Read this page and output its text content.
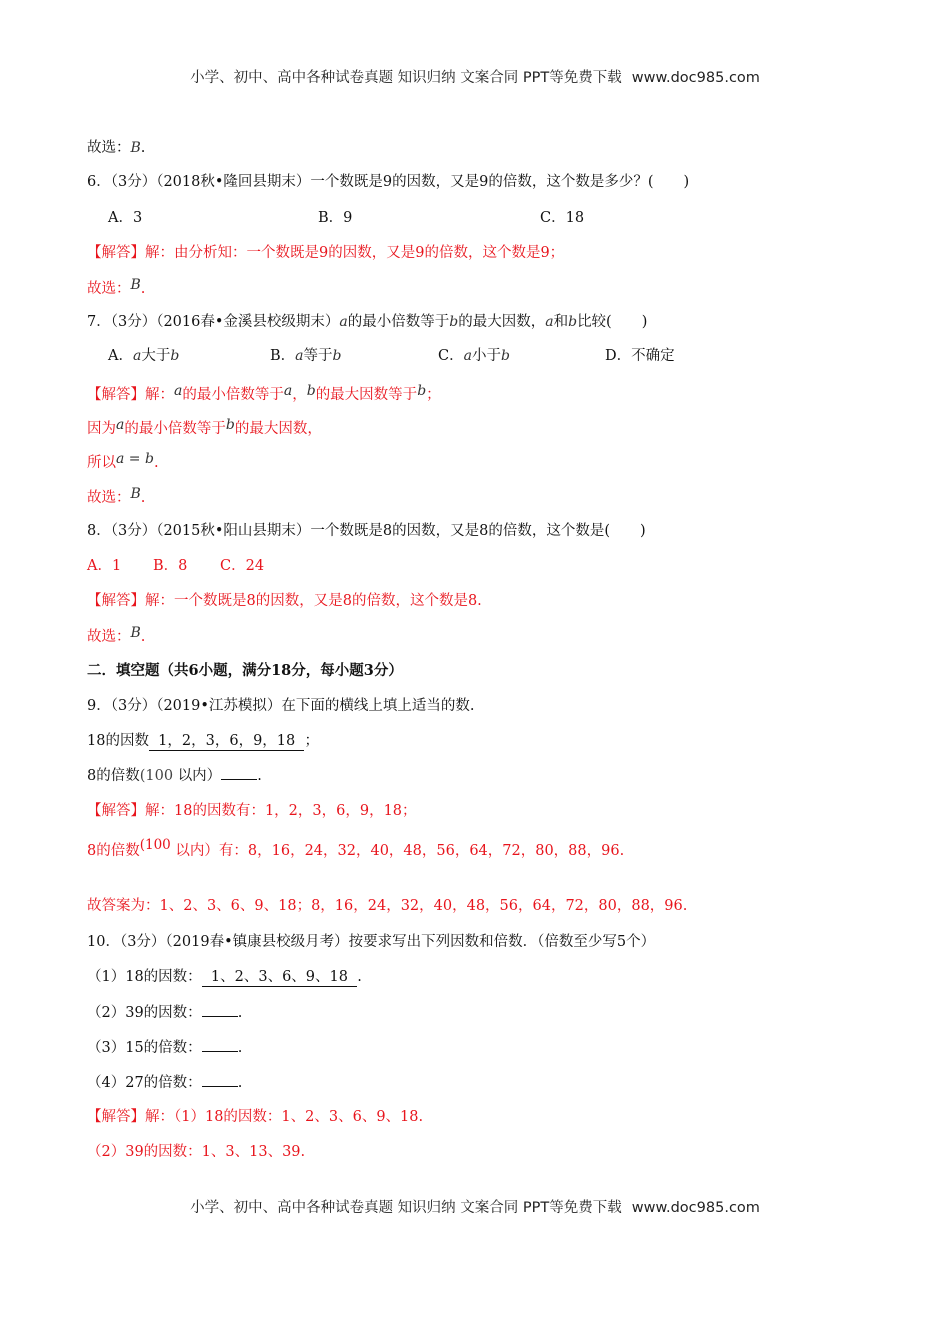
小学、初中、高中各种试卷真题 知识归纳 文案合同 PPT等免费下载 www.doc985.com
故选：B.
6．（3分）（2018秋•隆回县期末）一个数既是9的因数，又是9的倍数，这个数是多少？( )
A．3	B．9	C．18
【解答】解：由分析知：一个数既是9的因数，又是9的倍数，这个数是9；
故选：B.
7．（3分）（2016春•金溪县校级期末）a的最小倍数等于b的最大因数，a和b比较( )
A．a大于b	B．a等于b	C．a小于b	D．不确定
【解答】解：a的最小倍数等于a，b的最大因数等于b；
因为a的最小倍数等于b的最大因数，
所以a = b.
故选：B.
8．（3分）（2015秋•阳山县期末）一个数既是8的因数，又是8的倍数，这个数是( )
A．1 B．8 C．24
【解答】解：一个数既是8的因数，又是8的倍数，这个数是8.
故选：B.
二．填空题（共6小题，满分18分，每小题3分）
9．（3分）（2019•江苏模拟）在下面的横线上填上适当的数.
18的因数  1，2，3，6，9，18  ；
8的倍数(100 以内） .
【解答】解：18的因数有：1，2，3，6，9，18；
8的倍数(100 以内）有：8，16，24，32，40，48，56，64，72，80，88，96.
故答案为：1、2、3、6、9、18；8，16，24，32，40，48，56，64，72，80，88，96.
10．（3分）（2019春•镇康县校级月考）按要求写出下列因数和倍数．（倍数至少写5个）
（1）18的因数：  1、2、3、6、9、18  .
（2）39的因数： .
（3）15的倍数： .
（4）27的倍数： .
【解答】解：（1）18的因数：1、2、3、6、9、18.
（2）39的因数：1、3、13、39.
小学、初中、高中各种试卷真题 知识归纳 文案合同 PPT等免费下载 www.doc985.com
